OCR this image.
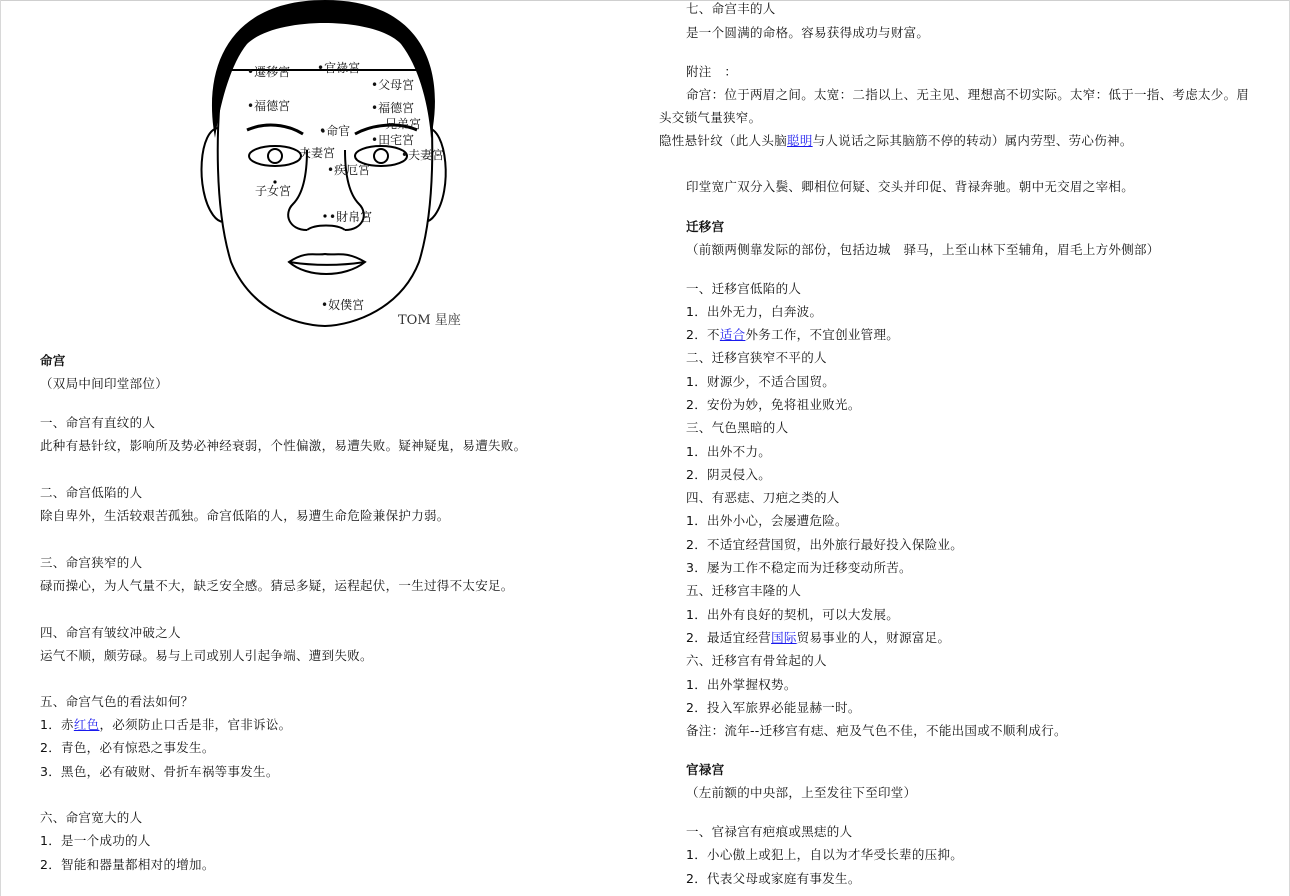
•遷移宮 •官祿宮
•父母宮
•福德宮	•福德宮
兄弟宮
•田宅宮
•命官
夫妻宮	•夫妻宮
•疾厄宮
子女宮
•財帛宮
•奴僕宮
TOM 星座
命宫
（双局中间印堂部位）
一、命宫有直纹的人
此种有悬针纹，影响所及势必神经衰弱，个性偏激，易遭失败。疑神疑鬼，易遭失败。
二、命宫低陷的人
除自卑外，生活较艰苦孤独。命宫低陷的人，易遭生命危险兼保护力弱。
三、命宫狭窄的人
碌而操心，为人气量不大，缺乏安全感。猜忌多疑，运程起伏，一生过得不太安足。
四、命宫有皱纹冲破之人
运气不顺，颇劳碌。易与上司或别人引起争端、遭到失败。
五、命宫气色的看法如何？
1．赤红色，必须防止口舌是非，官非诉讼。
2．青色，必有惊恐之事发生。
3．黑色，必有破财、骨折车祸等事发生。
六、命宫宽大的人
1．是一个成功的人
2．智能和器量都相对的增加。
七、命宫丰的人
是一个圆满的命格。容易获得成功与财富。
附注　：
命宫：位于两眉之间。太宽：二指以上、无主见、理想高不切实际。太窄：低于一指、考虑太少。眉
头交锁气量狭窄。
隐性悬针纹（此人头脑聪明与人说话之际其脑筋不停的转动）属内劳型、劳心伤神。
印堂宽广双分入鬓、卿相位何疑、交头并印促、背禄奔驰。朝中无交眉之宰相。
迁移宫
（前额两侧靠发际的部份，包括边城　驿马，上至山林下至辅角，眉毛上方外侧部）
一、迁移宫低陷的人
1．出外无力，白奔波。
2．不适合外务工作，不宜创业管理。
二、迁移宫狭窄不平的人
1．财源少，不适合国贸。
2．安份为妙，免将祖业败光。
三、气色黑暗的人
1．出外不力。
2．阴灵侵入。
四、有恶痣、刀疤之类的人
1．出外小心，会屡遭危险。
2．不适宜经营国贸，出外旅行最好投入保险业。
3．屡为工作不稳定而为迁移变动所苦。
五、迁移宫丰隆的人
1．出外有良好的契机，可以大发展。
2．最适宜经营国际贸易事业的人，财源富足。
六、迁移宫有骨耸起的人
1．出外掌握权势。
2．投入军旅界必能显赫一时。
备注：流年--迁移宫有痣、疤及气色不佳，不能出国或不顺利成行。
官禄宫
（左前额的中央部，上至发往下至印堂）
一、官禄宫有疤痕或黑痣的人
1．小心傲上或犯上，自以为才华受长辈的压抑。
2．代表父母或家庭有事发生。
